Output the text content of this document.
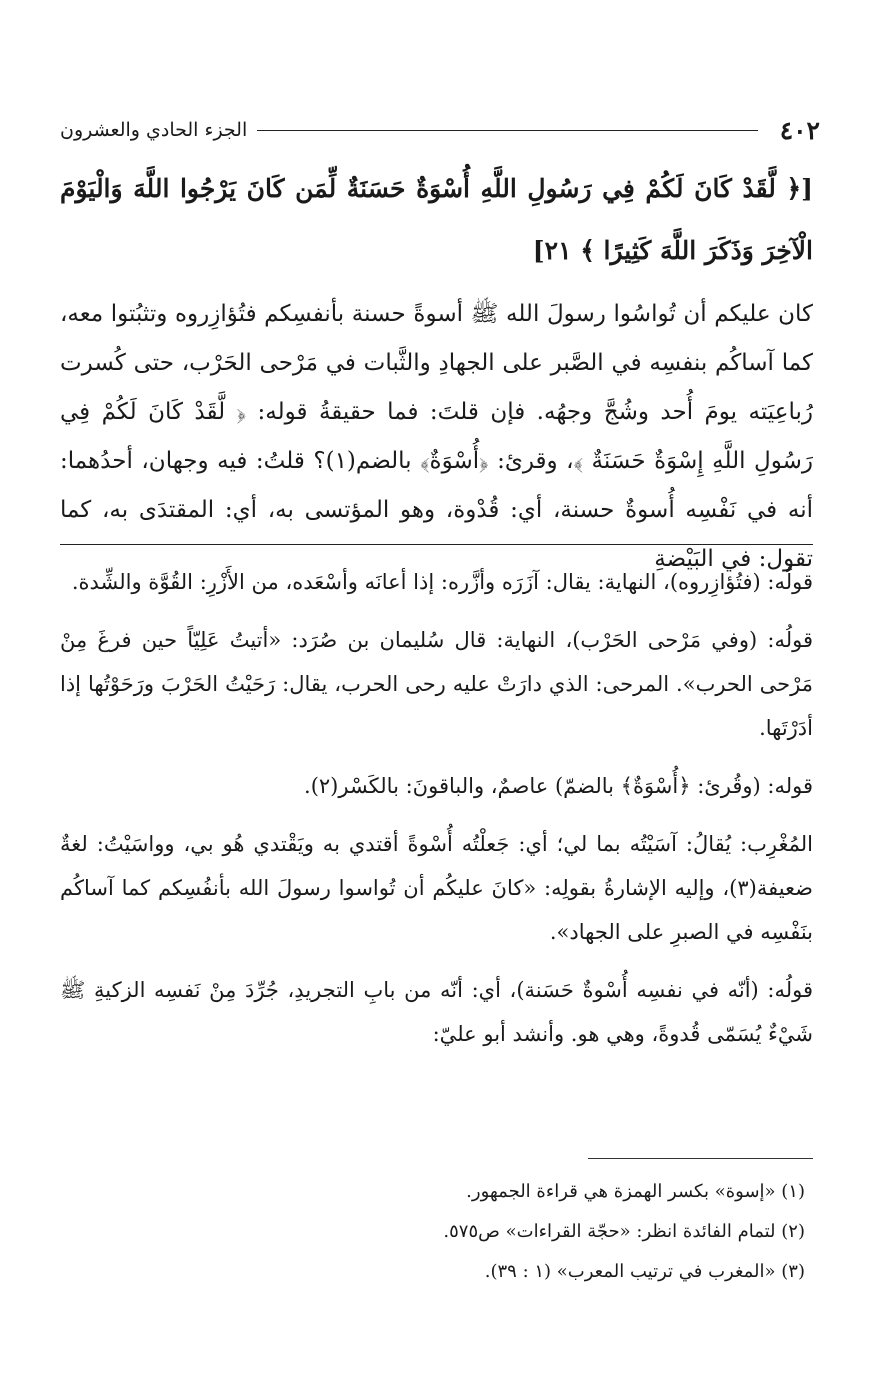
٤٠٢
الجزء الحادي والعشرون
[﴿ لَّقَدْ كَانَ لَكُمْ فِي رَسُولِ اللَّهِ أُسْوَةٌ حَسَنَةٌ لِّمَن كَانَ يَرْجُوا اللَّهَ وَالْيَوْمَ الْآخِرَ وَذَكَرَ اللَّهَ كَثِيرًا ﴾ ٢١]

كان عليكم أن تُواسُوا رسولَ الله ﷺ أسوةً حسنة بأنفسِكم فتُؤازِروه وتثبُتوا معه، كما آساكُم بنفسِه في الصَّبر على الجهادِ والثَّبات في مَرْحى الحَرْب، حتى كُسرت رُباعِيَته يومَ أُحد وشُجَّ وجهُه. فإن قلتَ: فما حقيقةُ قوله: ﴿ لَّقَدْ كَانَ لَكُمْ فِي رَسُولِ اللَّهِ إِسْوَةٌ حَسَنَةٌ ﴾، وقرئ: ﴿أُسْوَةٌ﴾ بالضم(١)؟ قلتُ: فيه وجهان، أحدُهما: أنه في نَفْسِه أُسوةٌ حسنة، أي: قُدْوة، وهو المؤتسى به، أي: المقتدَى به، كما تقول: في البَيْضةِ

قولُه: (فتُؤازِروه)، النهاية: يقال: آزَرَه وأزَّره: إذا أعانَه وأسْعَده، من الأَزْرِ: القُوَّة والشِّدة.

قولُه: (وفي مَرْحى الحَرْب)، النهاية: قال سُليمان بن صُرَد: «أتيتُ عَلِيّاً حين فرغَ مِنْ مَرْحى الحرب». المرحى: الذي دارَتْ عليه رحى الحرب، يقال: رَحَيْتُ الحَرْبَ ورَحَوْتُها إذا أدَرْتَها.

قوله: (وقُرئ: ﴿أُسْوَةٌ﴾ بالضمّ) عاصمٌ، والباقونَ: بالكَسْر(٢).

المُغْرِب: يُقالُ: آسَيْتُه بما لي؛ أي: جَعلْتُه أُسْوةً أقتدي به ويَقْتدي هُو بي، وواسَيْتُ: لغةٌ ضعيفة(٣)، وإليه الإشارةُ بقولِه: «كانَ عليكُم أن تُواسوا رسولَ الله بأنفُسِكم كما آساكُم بنَفْسِه في الصبرِ على الجهاد».

قولُه: (أنّه في نفسِه أُسْوةٌ حَسَنة)، أي: أنّه من بابِ التجريدِ، جُرِّدَ مِنْ نَفسِه الزكيةِ ﷺ شَيْءٌ يُسَمّى قُدوةً، وهي هو. وأنشد أبو عليّ:

(١) «إسوة» بكسر الهمزة هي قراءة الجمهور.

(٢) لتمام الفائدة انظر: «حجّة القراءات» ص٥٧٥.

(٣) «المغرب في ترتيب المعرب» (١ : ٣٩).
